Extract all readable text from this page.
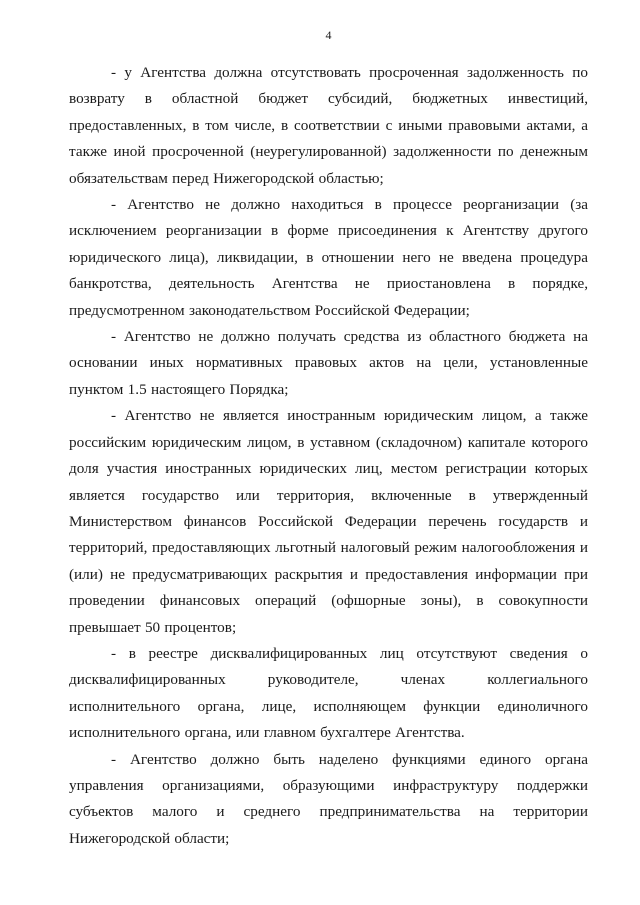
4

- у Агентства должна отсутствовать просроченная задолженность по возврату в областной бюджет субсидий, бюджетных инвестиций, предоставленных, в том числе, в соответствии с иными правовыми актами, а также иной просроченной (неурегулированной) задолженности по денежным обязательствам перед Нижегородской областью;

- Агентство не должно находиться в процессе реорганизации (за исключением реорганизации в форме присоединения к Агентству другого юридического лица), ликвидации, в отношении него не введена процедура банкротства, деятельность Агентства не приостановлена в порядке, предусмотренном законодательством Российской Федерации;

- Агентство не должно получать средства из областного бюджета на основании иных нормативных правовых актов на цели, установленные пунктом 1.5 настоящего Порядка;

- Агентство не является иностранным юридическим лицом, а также российским юридическим лицом, в уставном (складочном) капитале которого доля участия иностранных юридических лиц, местом регистрации которых является государство или территория, включенные в утвержденный Министерством финансов Российской Федерации перечень государств и территорий, предоставляющих льготный налоговый режим налогообложения и (или) не предусматривающих раскрытия и предоставления информации при проведении финансовых операций (офшорные зоны), в совокупности превышает 50 процентов;

- в реестре дисквалифицированных лиц отсутствуют сведения о дисквалифицированных руководителе, членах коллегиального исполнительного органа, лице, исполняющем функции единоличного исполнительного органа, или главном бухгалтере Агентства.

- Агентство должно быть наделено функциями единого органа управления организациями, образующими инфраструктуру поддержки субъектов малого и среднего предпринимательства на территории Нижегородской области;
